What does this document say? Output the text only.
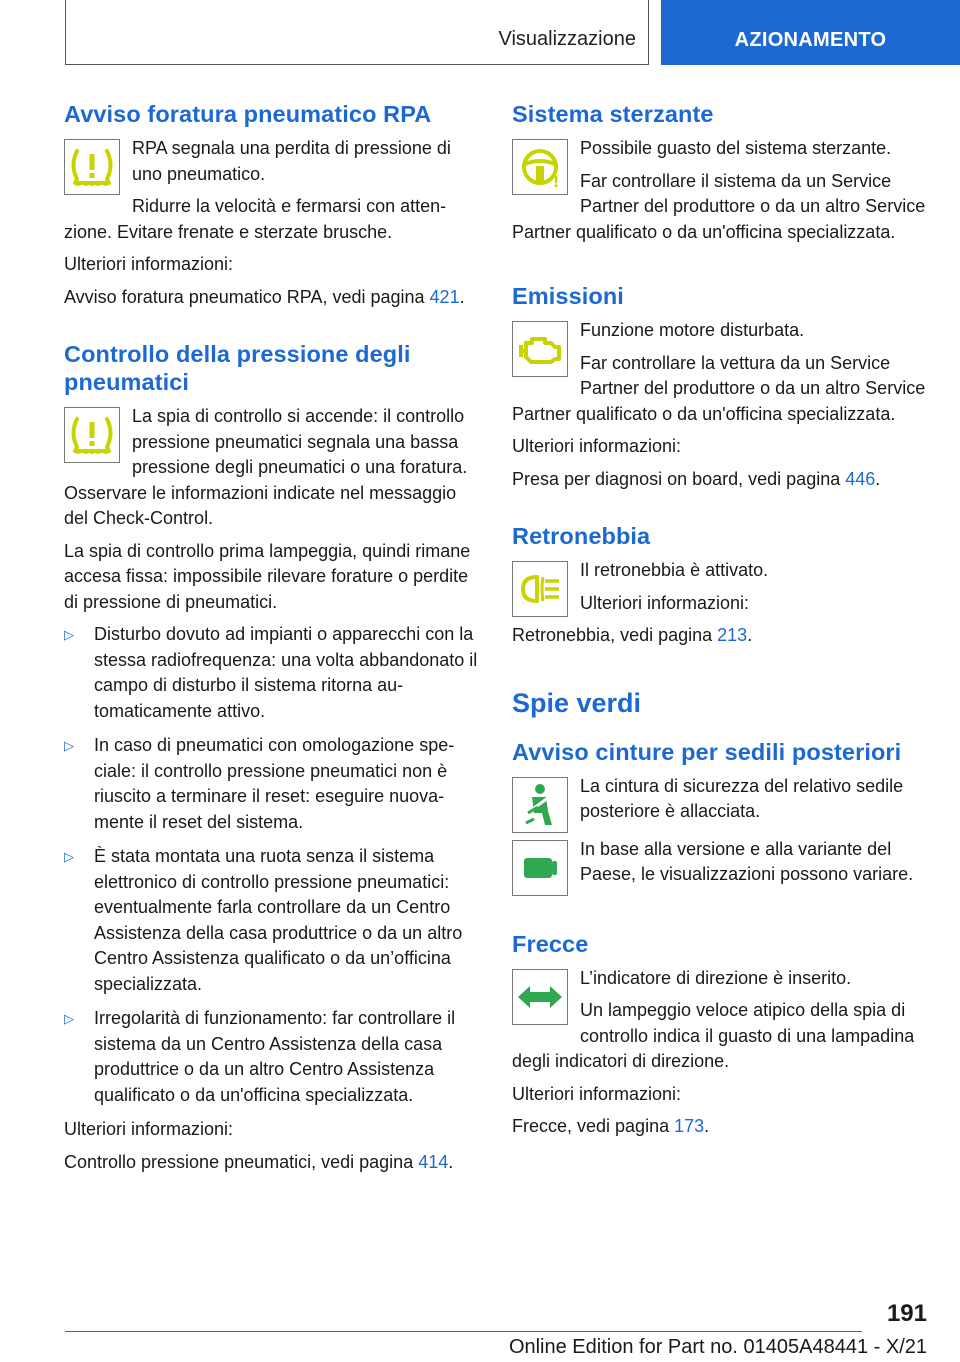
Visualizzazione	AZIONAMENTO
Avviso foratura pneumatico RPA

RPA segnala una perdita di pressione di uno pneumatico.

Ridurre la velocità e fermarsi con attenzione. Evitare frenate e sterzate brusche.

Ulteriori informazioni:

Avviso foratura pneumatico RPA, vedi pagina 421.

Controllo della pressione degli pneumatici

La spia di controllo si accende: il controllo pressione pneumatici segnala una bassa pressione degli pneumatici o una foratura. Osservare le informazioni indicate nel messaggio del Check-Control.

La spia di controllo prima lampeggia, quindi rimane accesa fissa: impossibile rilevare forature o perdite di pressione di pneumatici.

▷ Disturbo dovuto ad impianti o apparecchi con la stessa radiofrequenza: una volta abbandonato il campo di disturbo il sistema ritorna automaticamente attivo.
▷ In caso di pneumatici con omologazione speciale: il controllo pressione pneumatici non è riuscito a terminare il reset: eseguire nuovamente il reset del sistema.
▷ È stata montata una ruota senza il sistema elettronico di controllo pressione pneumatici: eventualmente farla controllare da un Centro Assistenza della casa produttrice o da un altro Centro Assistenza qualificato o da un’officina specializzata.
▷ Irregolarità di funzionamento: far controllare il sistema da un Centro Assistenza della casa produttrice o da un altro Centro Assistenza qualificato o da un'officina specializzata.

Ulteriori informazioni:

Controllo pressione pneumatici, vedi pagina 414.

Sistema sterzante
!

Possibile guasto del sistema sterzante.

Far controllare il sistema da un Service Partner del produttore o da un altro Service Partner qualificato o da un'officina specializzata.

Emissioni

Funzione motore disturbata.

Far controllare la vettura da un Service Partner del produttore o da un altro Service Partner qualificato o da un'officina specializzata.

Ulteriori informazioni:

Presa per diagnosi on board, vedi pagina 446.

Retronebbia

Il retronebbia è attivato.

Ulteriori informazioni:

Retronebbia, vedi pagina 213.

Spie verdi
Avviso cinture per sedili posteriori

La cintura di sicurezza del relativo sedile posteriore è allacciata.

In base alla versione e alla variante del Paese, le visualizzazioni possono variare.

Frecce

L’indicatore di direzione è inserito.

Un lampeggio veloce atipico della spia di controllo indica il guasto di una lampadina degli indicatori di direzione.

Ulteriori informazioni:

Frecce, vedi pagina 173.

191
Online Edition for Part no. 01405A48441 - X/21
